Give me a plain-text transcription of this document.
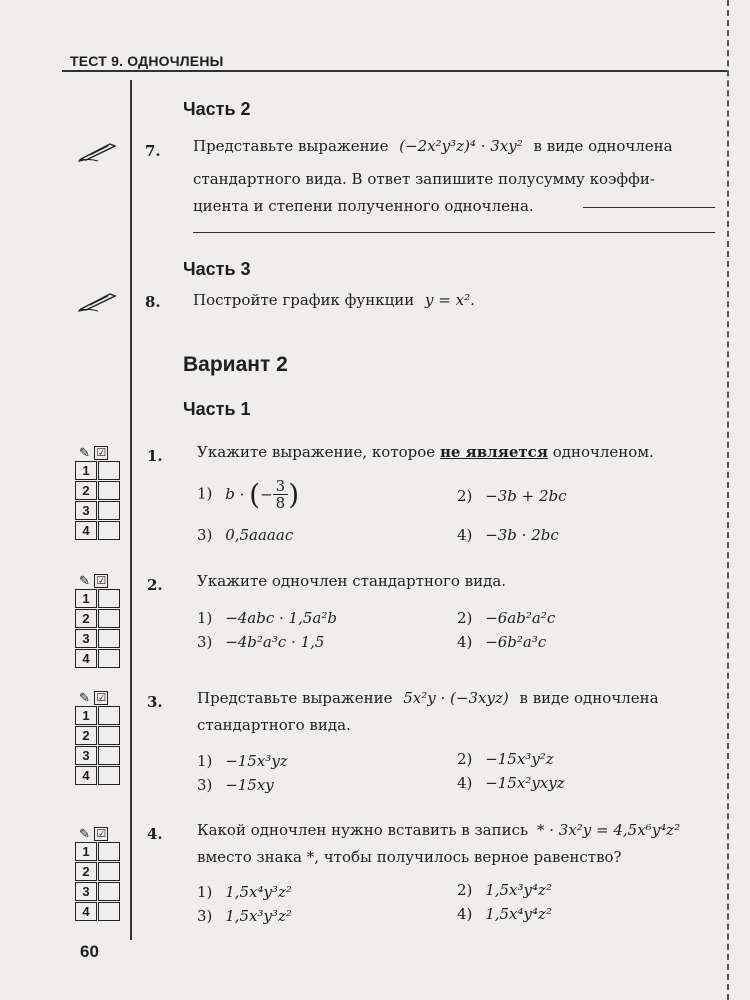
ТЕСТ 9. ОДНОЧЛЕНЫ
Часть 2
7. Представьте выражение (−2x²y³z)⁴ · 3xy² в виде одночлена
стандартного вида. В ответ запишите полусумму коэффи-
циента и степени полученного одночлена.
Часть 3
8. Постройте график функции y = x².
Вариант 2
Часть 1
✎ ☑
1
2
3
4
✎ ☑
1
2
3
4
✎ ☑
1
2
3
4
✎ ☑
1
2
3
4
1. Укажите выражение, которое не является одночленом.
1) b · (− $\frac{3}{8}$ )	2) −3b + 2bc
3) 0,5aaaac	4) −3b · 2bc
2. Укажите одночлен стандартного вида.
1) −4abc · 1,5a²b	2) −6ab²a²c
3) −4b²a³c · 1,5	4) −6b²a³c
3. Представьте выражение 5x²y · (−3xyz) в виде одночлена
стандартного вида.
1) −15x³yz	2) −15x³y²z
3) −15xy	4) −15x²yxyz
4. Какой одночлен нужно вставить в запись * · 3x²y = 4,5x⁶y⁴z²
вместо знака *, чтобы получилось верное равенство?
1) 1,5x⁴y³z²	2) 1,5x³y⁴z²
3) 1,5x³y³z²	4) 1,5x⁴y⁴z²
60
